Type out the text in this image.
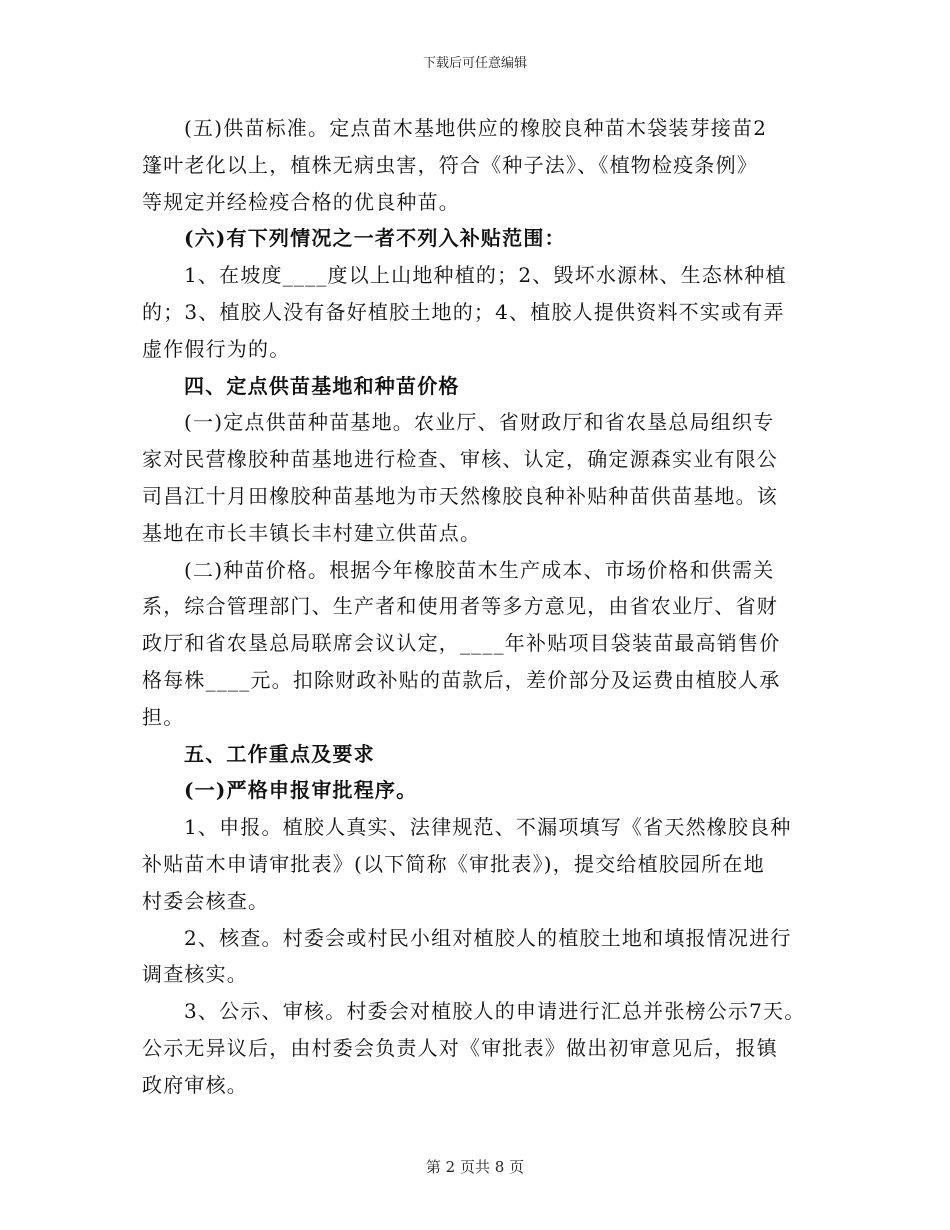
下载后可任意编辑
(五)供苗标准。定点苗木基地供应的橡胶良种苗木袋装芽接苗2
篷叶老化以上，植株无病虫害，符合《种子法》、《植物检疫条例》
等规定并经检疫合格的优良种苗。
(六)有下列情况之一者不列入补贴范围：
1、在坡度____度以上山地种植的；2、毁坏水源林、生态林种植
的；3、植胶人没有备好植胶土地的；4、植胶人提供资料不实或有弄
虚作假行为的。
四、定点供苗基地和种苗价格
(一)定点供苗种苗基地。农业厅、省财政厅和省农垦总局组织专
家对民营橡胶种苗基地进行检查、审核、认定，确定源森实业有限公
司昌江十月田橡胶种苗基地为市天然橡胶良种补贴种苗供苗基地。该
基地在市长丰镇长丰村建立供苗点。
(二)种苗价格。根据今年橡胶苗木生产成本、市场价格和供需关
系，综合管理部门、生产者和使用者等多方意见，由省农业厅、省财
政厅和省农垦总局联席会议认定，____年补贴项目袋装苗最高销售价
格每株____元。扣除财政补贴的苗款后，差价部分及运费由植胶人承
担。
五、工作重点及要求
(一)严格申报审批程序。
1、申报。植胶人真实、法律规范、不漏项填写《省天然橡胶良种
补贴苗木申请审批表》(以下简称《审批表》)，提交给植胶园所在地
村委会核查。
2、核查。村委会或村民小组对植胶人的植胶土地和填报情况进行
调查核实。
3、公示、审核。村委会对植胶人的申请进行汇总并张榜公示7天。
公示无异议后，由村委会负责人对《审批表》做出初审意见后，报镇
政府审核。
第 2 页共 8 页
